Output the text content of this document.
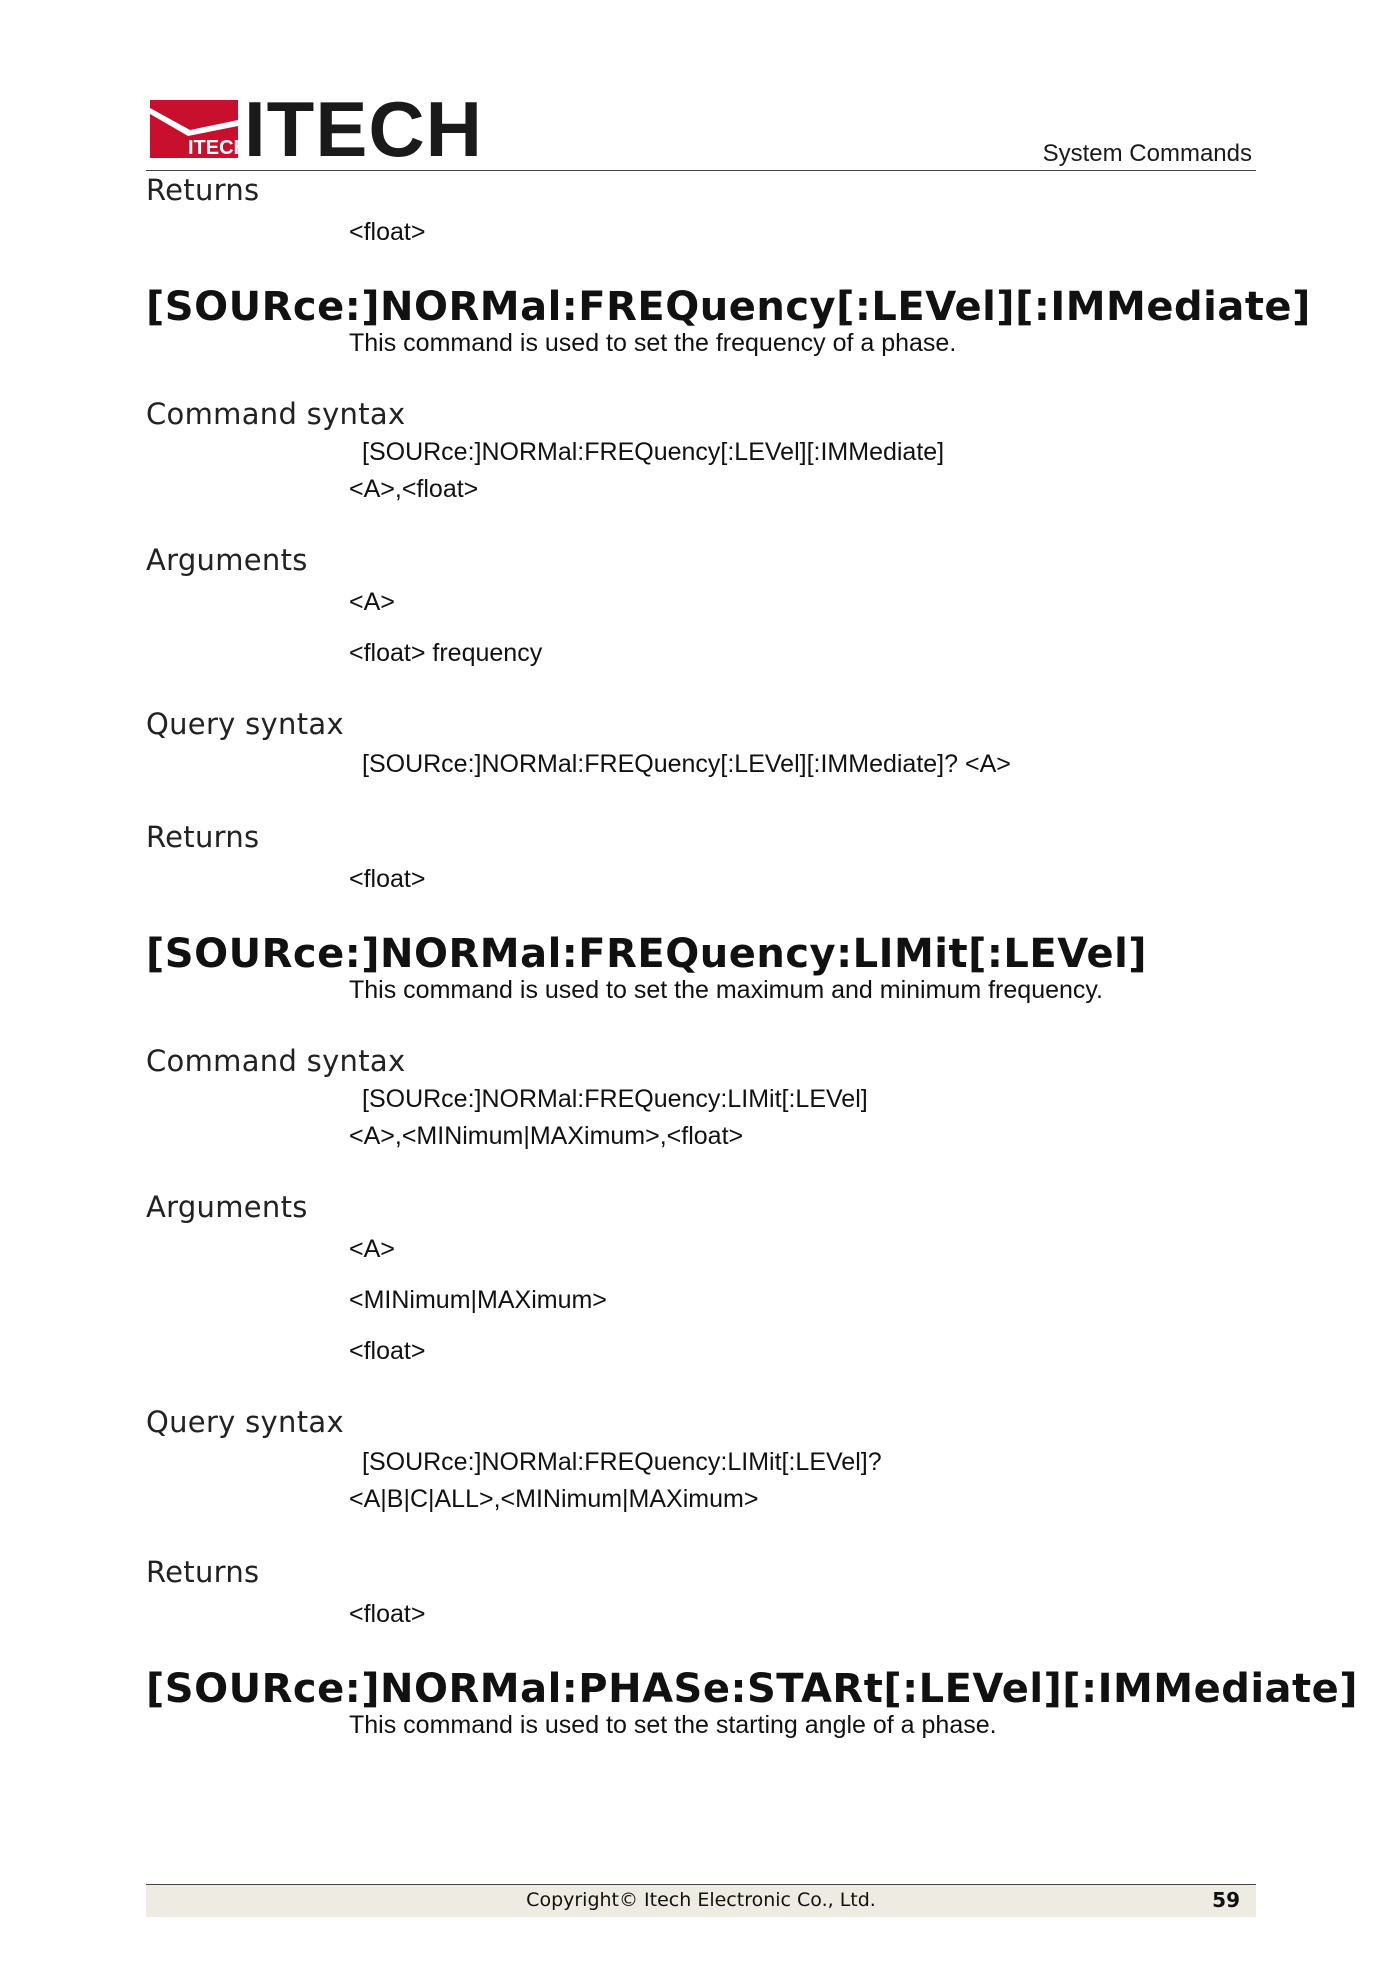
ITECH
ITECH	System Commands
Returns
<float>
[SOURce:]NORMal:FREQuency[:LEVel][:IMMediate]
This command is used to set the frequency of a phase.
Command syntax
[SOURce:]NORMal:FREQuency[:LEVel][:IMMediate]
<A>,<float>
Arguments
<A>
<float> frequency
Query syntax
[SOURce:]NORMal:FREQuency[:LEVel][:IMMediate]? <A>
Returns
<float>
[SOURce:]NORMal:FREQuency:LIMit[:LEVel]
This command is used to set the maximum and minimum frequency.
Command syntax
[SOURce:]NORMal:FREQuency:LIMit[:LEVel]
<A>,<MINimum|MAXimum>,<float>
Arguments
<A>
<MINimum|MAXimum>
<float>
Query syntax
[SOURce:]NORMal:FREQuency:LIMit[:LEVel]?
<A|B|C|ALL>,<MINimum|MAXimum>
Returns
<float>
[SOURce:]NORMal:PHASe:STARt[:LEVel][:IMMediate]
This command is used to set the starting angle of a phase.
Copyright© Itech Electronic Co., Ltd.	59
